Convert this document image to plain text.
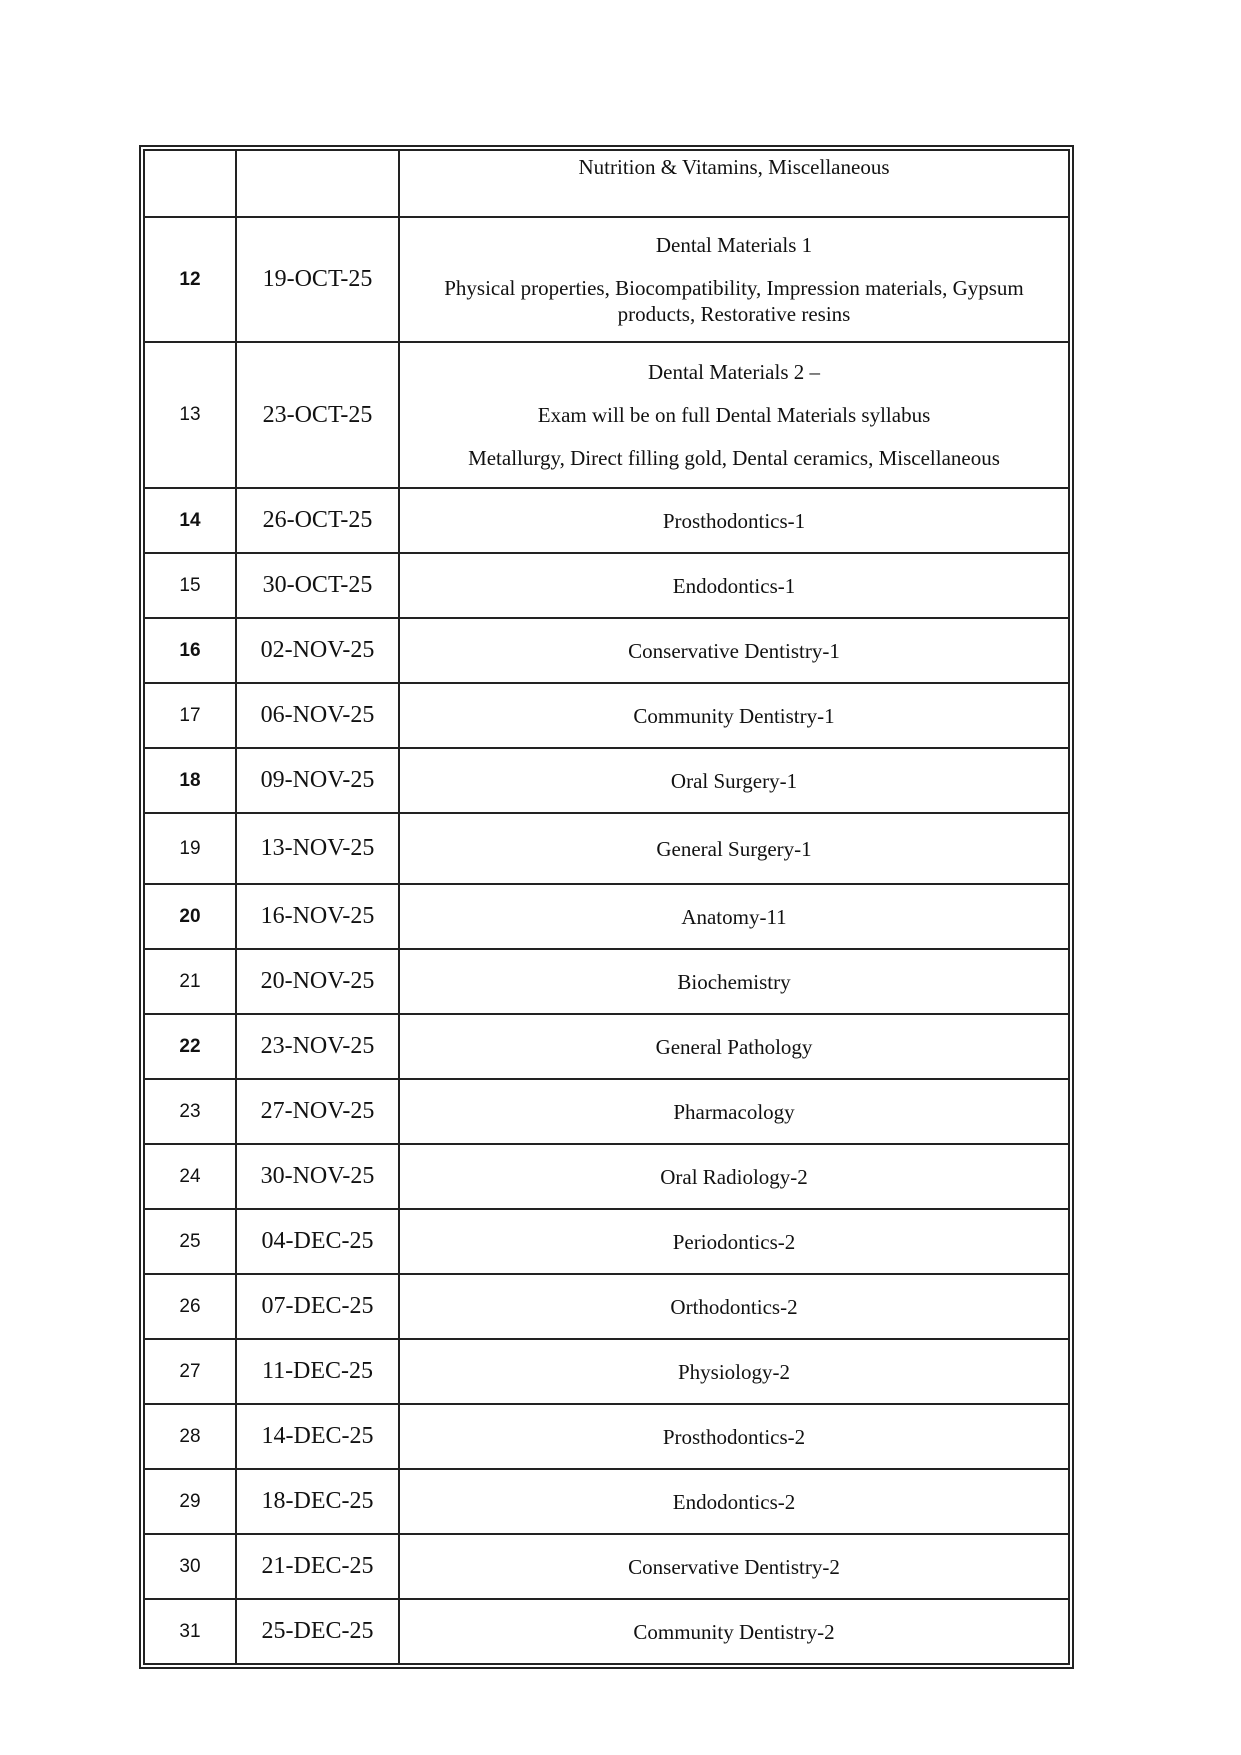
		Nutrition & Vitamins, Miscellaneous
12	19-OCT-25	Dental Materials 1
Physical properties, Biocompatibility, Impression materials, Gypsum products, Restorative resins

13	23-OCT-25	Dental Materials 2 –
Exam will be on full Dental Materials syllabus
Metallurgy, Direct filling gold, Dental ceramics, Miscellaneous

14	26-OCT-25	Prosthodontics-1
15	30-OCT-25	Endodontics-1
16	02-NOV-25	Conservative Dentistry-1
17	06-NOV-25	Community Dentistry-1
18	09-NOV-25	Oral Surgery-1
19	13-NOV-25	General Surgery-1
20	16-NOV-25	Anatomy-11
21	20-NOV-25	Biochemistry
22	23-NOV-25	General Pathology
23	27-NOV-25	Pharmacology
24	30-NOV-25	Oral Radiology-2
25	04-DEC-25	Periodontics-2
26	07-DEC-25	Orthodontics-2
27	11-DEC-25	Physiology-2
28	14-DEC-25	Prosthodontics-2
29	18-DEC-25	Endodontics-2
30	21-DEC-25	Conservative Dentistry-2
31	25-DEC-25	Community Dentistry-2
